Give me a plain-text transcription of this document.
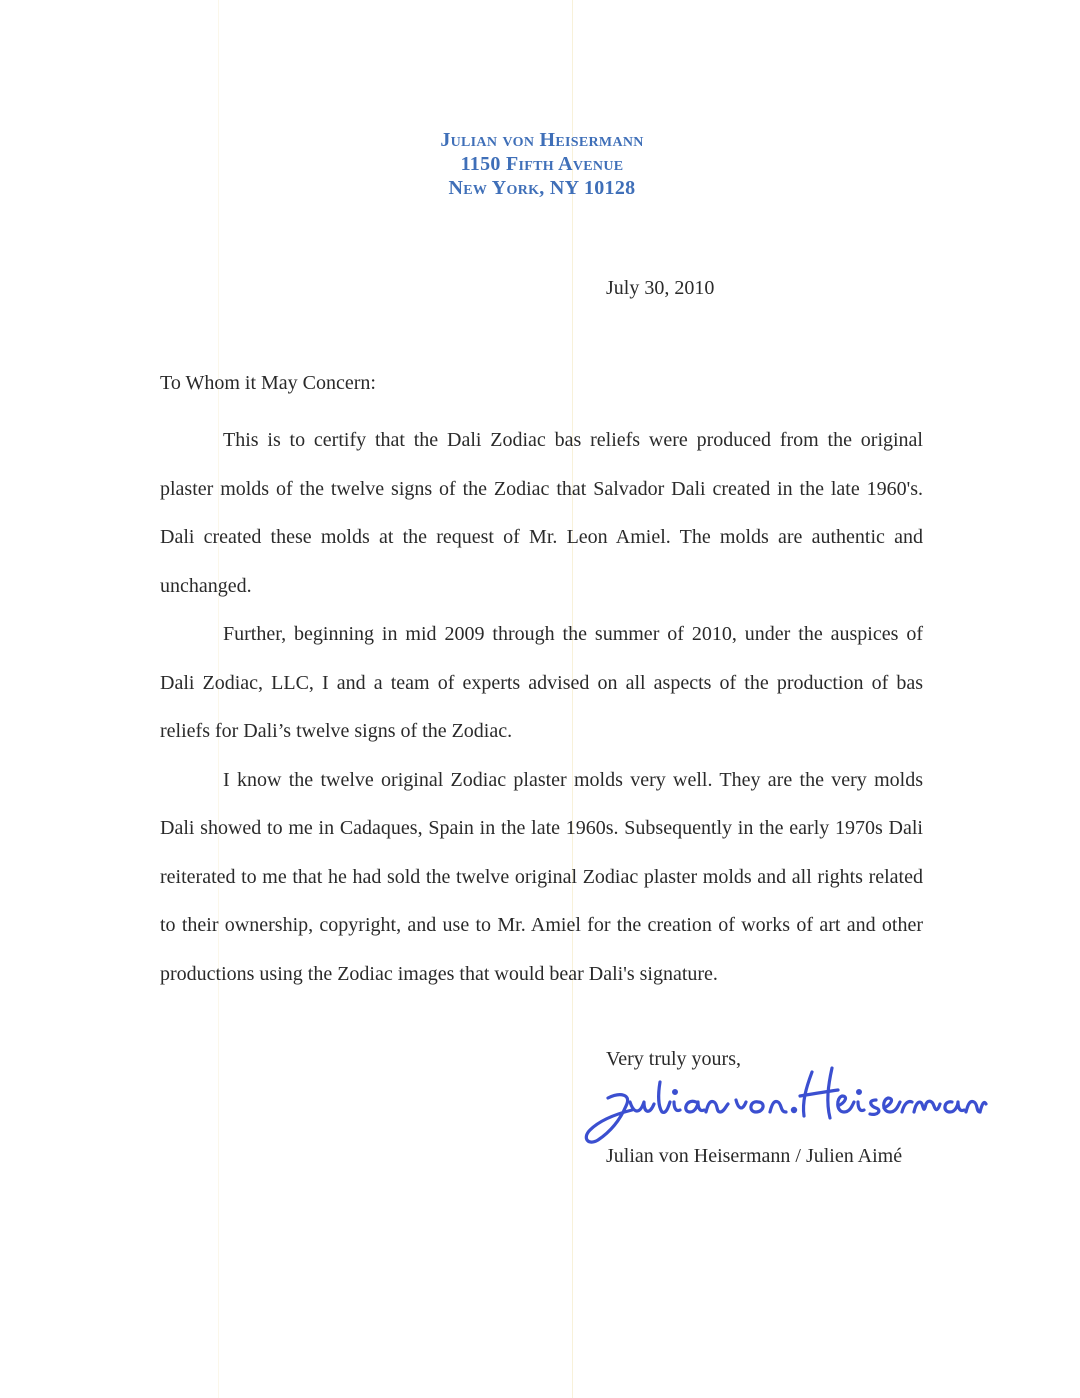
Julian von Heisermann
1150 Fifth Avenue
New York, NY 10128
July 30, 2010
To Whom it May Concern:

This is to certify that the Dali Zodiac bas reliefs were produced from the original plaster molds of the twelve signs of the Zodiac that Salvador Dali created in the late 1960's. Dali created these molds at the request of Mr. Leon Amiel. The molds are authentic and unchanged.

Further, beginning in mid 2009 through the summer of 2010, under the auspices of Dali Zodiac, LLC, I and a team of experts advised on all aspects of the production of bas reliefs for Dali’s twelve signs of the Zodiac.

I know the twelve original Zodiac plaster molds very well. They are the very molds Dali showed to me in Cadaques, Spain in the late 1960s. Subsequently in the early 1970s Dali reiterated to me that he had sold the twelve original Zodiac plaster molds and all rights related to their ownership, copyright, and use to Mr. Amiel for the creation of works of art and other productions using the Zodiac images that would bear Dali's signature.

Very truly yours,
Julian von Heisermann / Julien Aimé
